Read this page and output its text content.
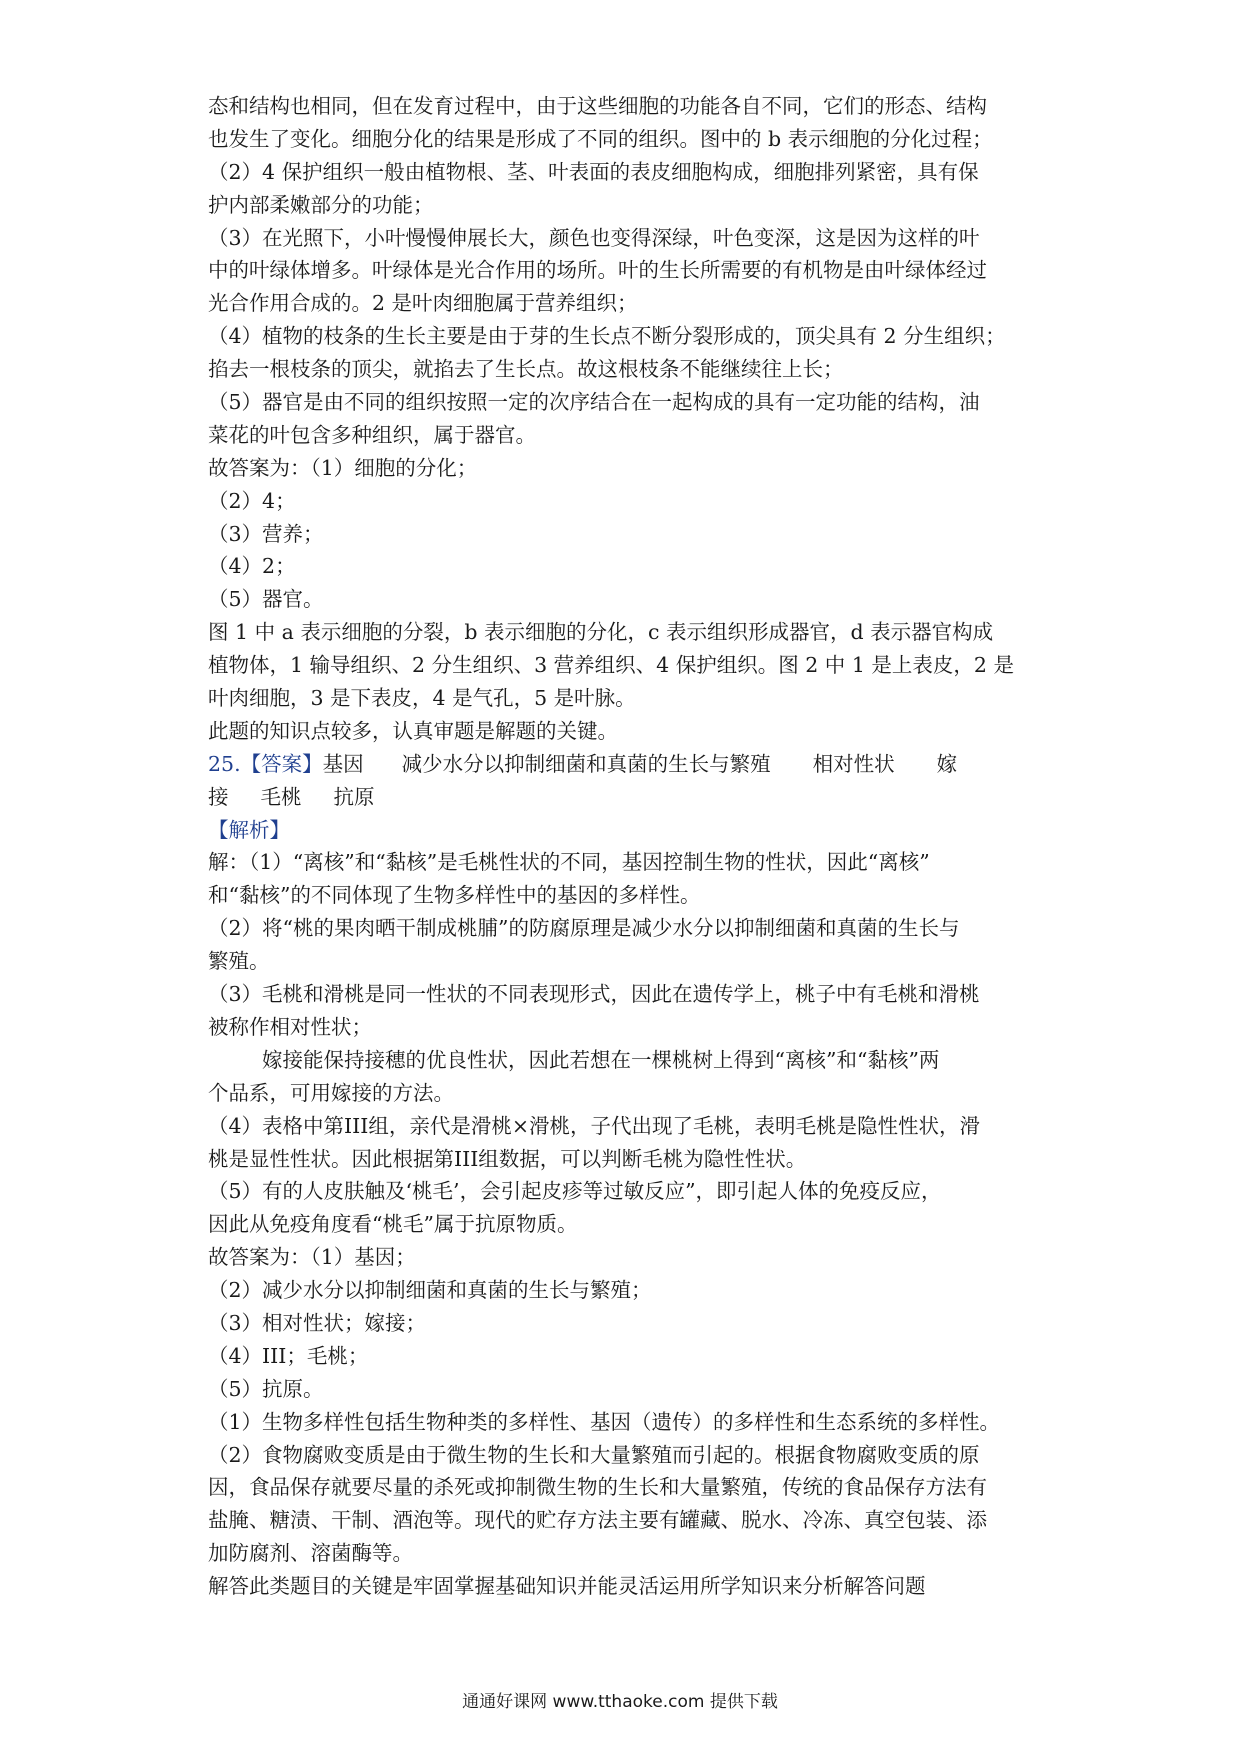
态和结构也相同，但在发育过程中，由于这些细胞的功能各自不同，它们的形态、结构
也发生了变化。细胞分化的结果是形成了不同的组织。图中的 b 表示细胞的分化过程；
（2）4 保护组织一般由植物根、茎、叶表面的表皮细胞构成，细胞排列紧密，具有保
护内部柔嫩部分的功能；
（3）在光照下，小叶慢慢伸展长大，颜色也变得深绿，叶色变深，这是因为这样的叶
中的叶绿体增多。叶绿体是光合作用的场所。叶的生长所需要的有机物是由叶绿体经过
光合作用合成的。2 是叶肉细胞属于营养组织；
（4）植物的枝条的生长主要是由于芽的生长点不断分裂形成的，顶尖具有 2 分生组织；
掐去一根枝条的顶尖，就掐去了生长点。故这根枝条不能继续往上长；
（5）器官是由不同的组织按照一定的次序结合在一起构成的具有一定功能的结构，油
菜花的叶包含多种组织，属于器官。
故答案为：（1）细胞的分化；
（2）4；
（3）营养；
（4）2；
（5）器官。
图 1 中 a 表示细胞的分裂，b 表示细胞的分化，c 表示组织形成器官，d 表示器官构成
植物体，1 输导组织、2 分生组织、3 营养组织、4 保护组织。图 2 中 1 是上表皮，2 是
叶肉细胞，3 是下表皮，4 是气孔，5 是叶脉。
此题的知识点较多，认真审题是解题的关键。
25.【答案】 基因 减少水分以抑制细菌和真菌的生长与繁殖 相对性状 嫁
接 毛桃 抗原
【解析】
解：（1）“离核”和“黏核”是毛桃性状的不同，基因控制生物的性状，因此“离核”
和“黏核”的不同体现了生物多样性中的基因的多样性。
（2）将“桃的果肉晒干制成桃脯”的防腐原理是减少水分以抑制细菌和真菌的生长与
繁殖。
（3）毛桃和滑桃是同一性状的不同表现形式，因此在遗传学上，桃子中有毛桃和滑桃
被称作相对性状；
嫁接能保持接穗的优良性状，因此若想在一棵桃树上得到“离核”和“黏核”两
个品系，可用嫁接的方法。
（4）表格中第III组，亲代是滑桃×滑桃，子代出现了毛桃，表明毛桃是隐性性状，滑
桃是显性性状。因此根据第III组数据，可以判断毛桃为隐性性状。
（5）有的人皮肤触及‘桃毛’，会引起皮疹等过敏反应”，即引起人体的免疫反应，
因此从免疫角度看“桃毛”属于抗原物质。
故答案为：（1）基因；
（2）减少水分以抑制细菌和真菌的生长与繁殖；
（3）相对性状；嫁接；
（4）III；毛桃；
（5）抗原。
（1）生物多样性包括生物种类的多样性、基因（遗传）的多样性和生态系统的多样性。
（2）食物腐败变质是由于微生物的生长和大量繁殖而引起的。根据食物腐败变质的原
因，食品保存就要尽量的杀死或抑制微生物的生长和大量繁殖，传统的食品保存方法有
盐腌、糖渍、干制、酒泡等。现代的贮存方法主要有罐藏、脱水、冷冻、真空包装、添
加防腐剂、溶菌酶等。
解答此类题目的关键是牢固掌握基础知识并能灵活运用所学知识来分析解答问题
通通好课网 www.tthaoke.com 提供下载
